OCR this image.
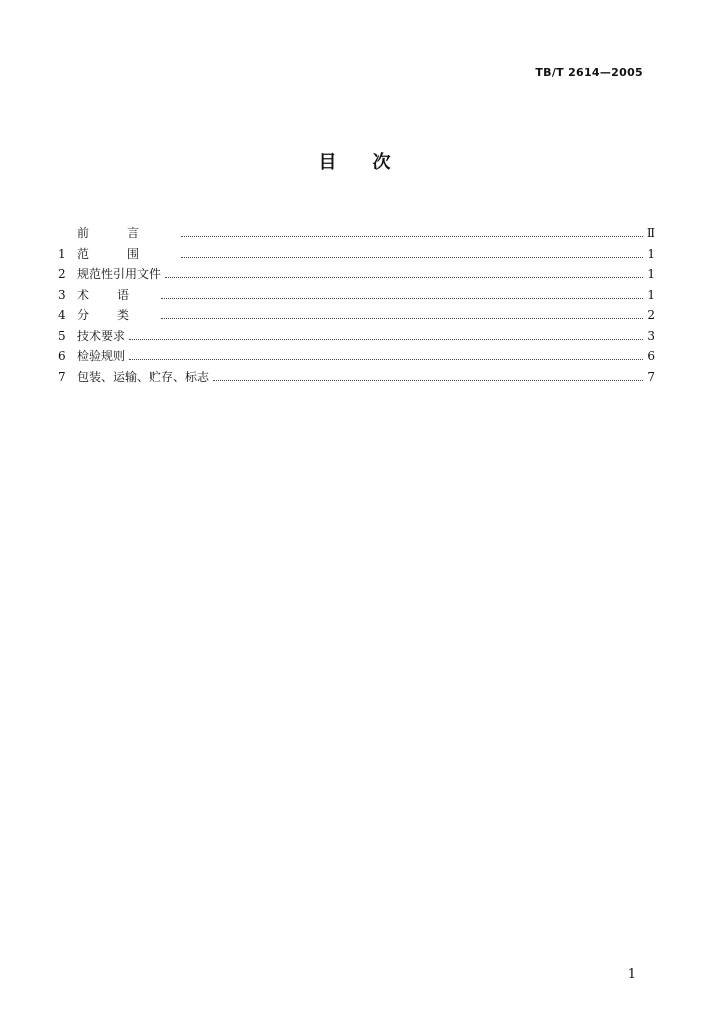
TB/T 2614—2005
目次
前言	Ⅱ
1 范围	1
2 规范性引用文件	1
3 术语	1
4 分类	2
5 技术要求	3
6 检验规则	6
7 包装、运输、贮存、标志	7
1
